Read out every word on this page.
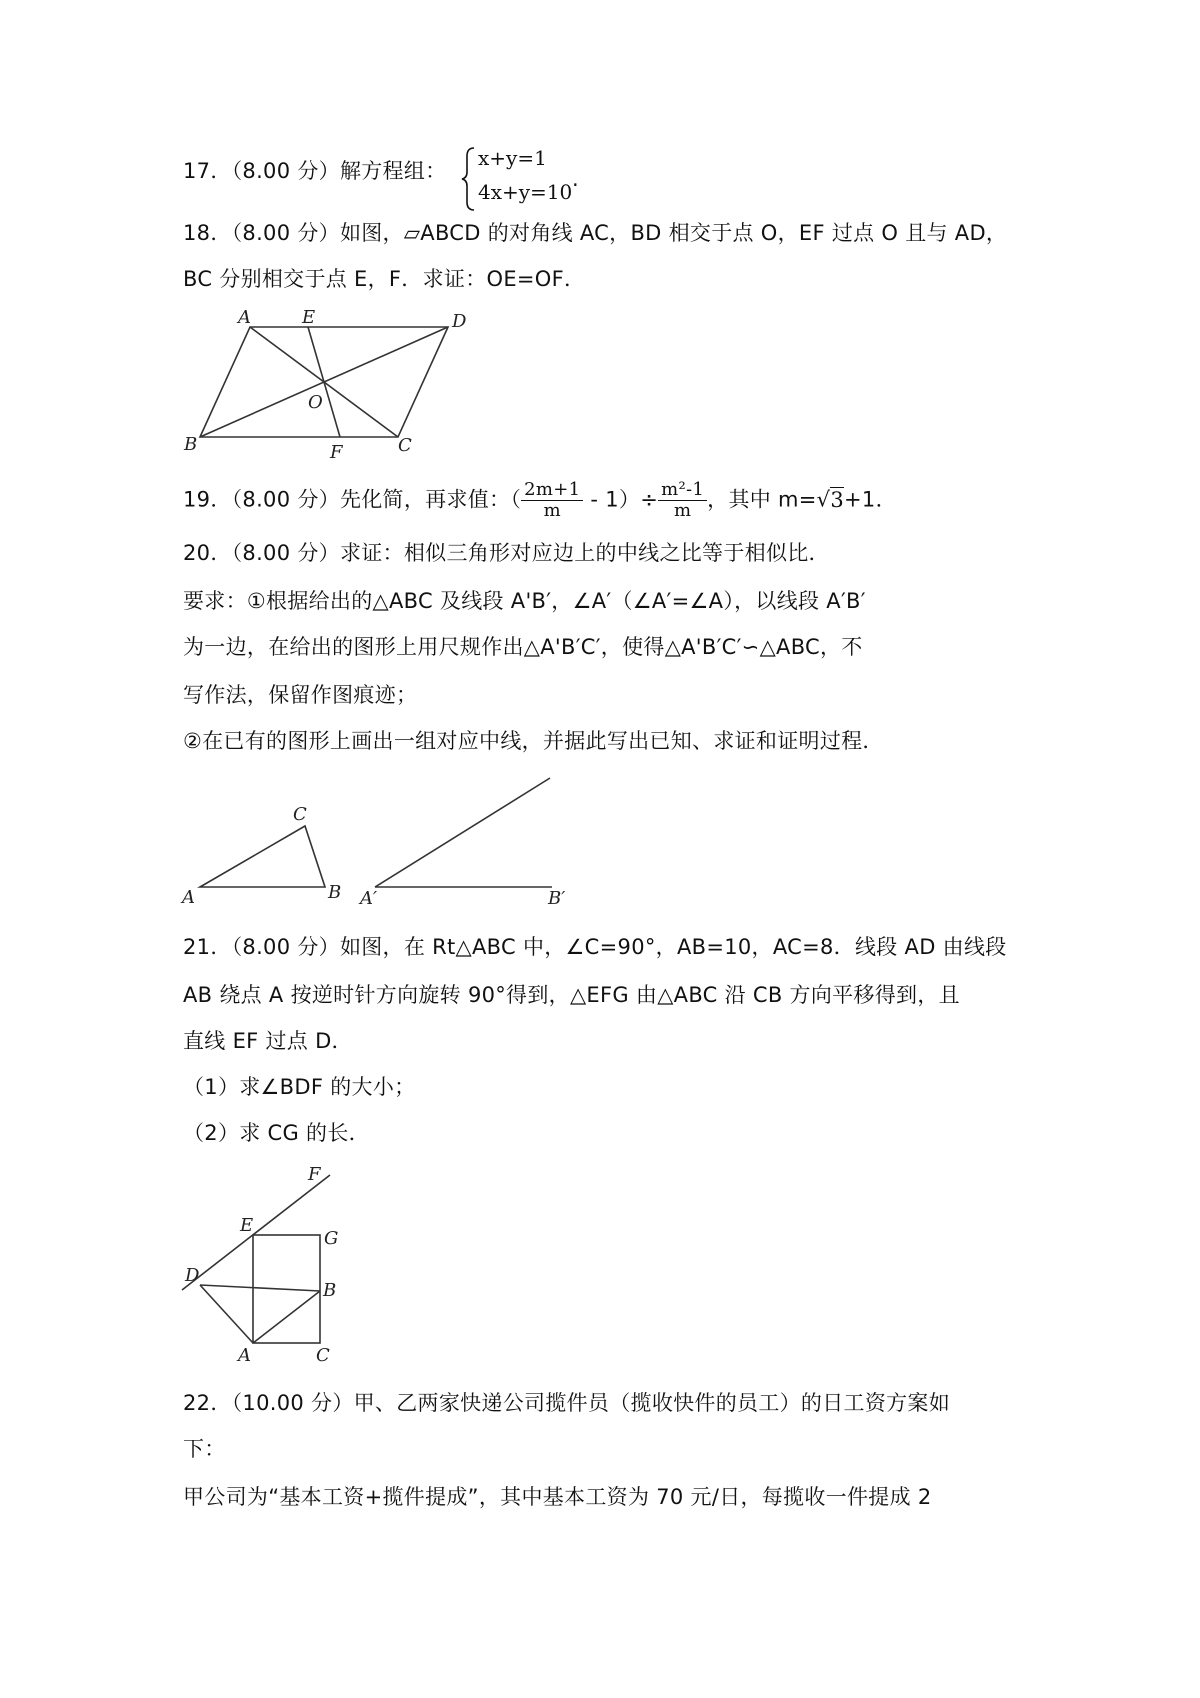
17．（8.00 分）解方程组：
x+y=1
4x+y=10
.
18．（8.00 分）如图，▱ABCD 的对角线 AC，BD 相交于点 O，EF 过点 O 且与 AD，
BC 分别相交于点 E，F．求证：OE=OF．
A	E	D
O
B	F	C
19．（8.00 分）先化简，再求值：（ $\frac{2m+1}{m} - 1)\div \frac{\text{m²-1}}{m}$ ，其中 m=√3+1．
20．（8.00 分）求证：相似三角形对应边上的中线之比等于相似比．
要求：①根据给出的△ABC 及线段 A'B′，∠A′（∠A′=∠A），以线段 A′B′
为一边，在给出的图形上用尺规作出△A'B′C′，使得△A'B′C′∽△ABC，不
写作法，保留作图痕迹；
②在已有的图形上画出一组对应中线，并据此写出已知、求证和证明过程．
A	B
C
A′	B′
21．（8.00 分）如图，在 Rt△ABC 中，∠C=90°，AB=10，AC=8．线段 AD 由线段
AB 绕点 A 按逆时针方向旋转 90°得到，△EFG 由△ABC 沿 CB 方向平移得到，且
直线 EF 过点 D．
（1）求∠BDF 的大小；
（2）求 CG 的长．
F
E
G
D
B
A	C
22．（10.00 分）甲、乙两家快递公司揽件员（揽收快件的员工）的日工资方案如
下：
甲公司为“基本工资+揽件提成”，其中基本工资为 70 元/日，每揽收一件提成 2
